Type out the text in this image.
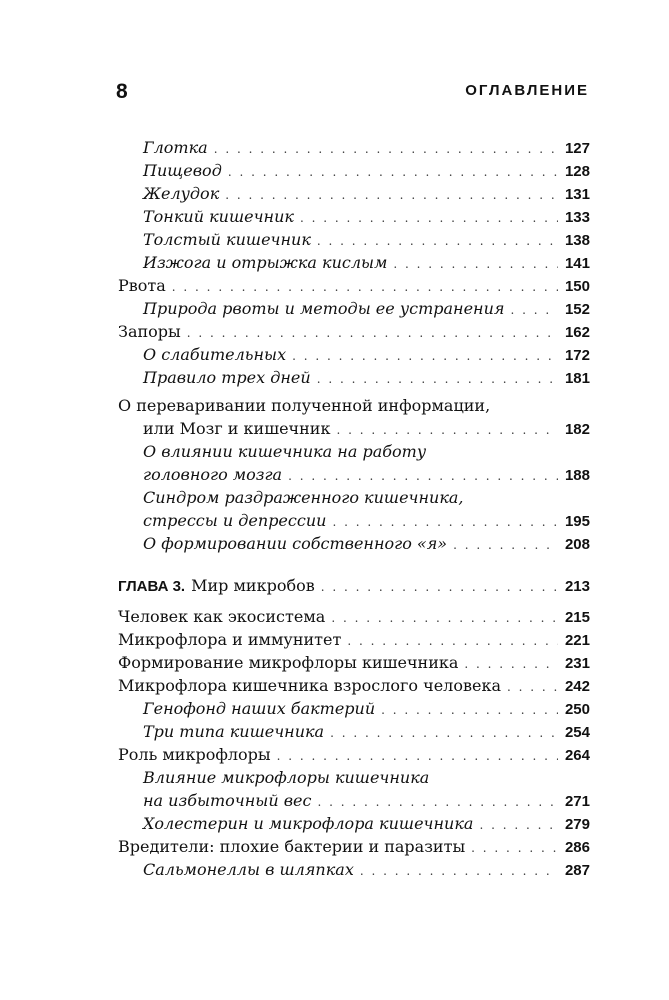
8	ОГЛАВЛЕНИЕ
Глотка . . .	127
Пищевод . . .	128
Желудок . . .	131
Тонкий кишечник . . .	133
Толстый кишечник . . .	138
Изжога и отрыжка кислым . . .	141
Рвота . . .	150
Природа рвоты и методы ее устранения . . .	152
Запоры . . .	162
О слабительных . . .	172
Правило трех дней . . .	181
О переваривании полученной информации,
или Мозг и кишечник . . .	182
О влиянии кишечника на работу
головного мозга . . .	188
Синдром раздраженного кишечника,
стрессы и депрессии . . .	195
О формировании собственного «я» . . .	208
ГЛАВА 3. Мир микробов . . .	213
Человек как экосистема . . .	215
Микрофлора и иммунитет . . .	221
Формирование микрофлоры кишечника . . .	231
Микрофлора кишечника взрослого человека . . .	242
Генофонд наших бактерий . . .	250
Три типа кишечника . . .	254
Роль микрофлоры . . .	264
Влияние микрофлоры кишечника
на избыточный вес . . .	271
Холестерин и микрофлора кишечника . . .	279
Вредители: плохие бактерии и паразиты . . .	286
Сальмонеллы в шляпках . . .	287
